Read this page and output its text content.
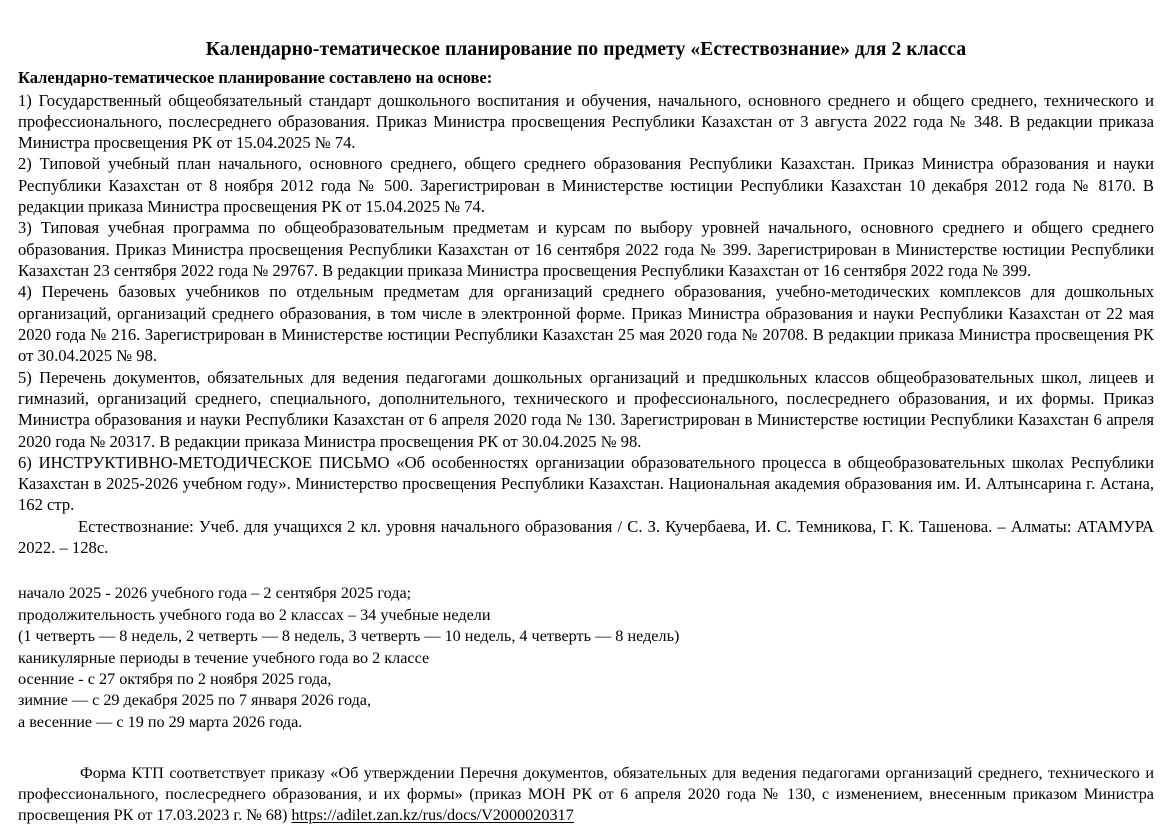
Календарно-тематическое планирование по предмету «Естествознание» для 2 класса
Календарно-тематическое планирование составлено на основе:

1) Государственный общеобязательный стандарт дошкольного воспитания и обучения, начального, основного среднего и общего среднего, технического и профессионального, послесреднего образования. Приказ Министра просвещения Республики Казахстан от 3 августа 2022 года № 348. В редакции приказа Министра просвещения РК от 15.04.2025 № 74.

2) Типовой учебный план начального, основного среднего, общего среднего образования Республики Казахстан. Приказ Министра образования и науки Республики Казахстан от 8 ноября 2012 года № 500. Зарегистрирован в Министерстве юстиции Республики Казахстан 10 декабря 2012 года № 8170. В редакции приказа Министра просвещения РК от 15.04.2025 № 74.

3) Типовая учебная программа по общеобразовательным предметам и курсам по выбору уровней начального, основного среднего и общего среднего образования. Приказ Министра просвещения Республики Казахстан от 16 сентября 2022 года № 399. Зарегистрирован в Министерстве юстиции Республики Казахстан 23 сентября 2022 года № 29767. В редакции приказа Министра просвещения Республики Казахстан от 16 сентября 2022 года № 399.

4) Перечень базовых учебников по отдельным предметам для организаций среднего образования, учебно-методических комплексов для дошкольных организаций, организаций среднего образования, в том числе в электронной форме. Приказ Министра образования и науки Республики Казахстан от 22 мая 2020 года № 216. Зарегистрирован в Министерстве юстиции Республики Казахстан 25 мая 2020 года № 20708. В редакции приказа Министра просвещения РК от 30.04.2025 № 98.

5) Перечень документов, обязательных для ведения педагогами дошкольных организаций и предшкольных классов общеобразовательных школ, лицеев и гимназий, организаций среднего, специального, дополнительного, технического и профессионального, послесреднего образования, и их формы. Приказ Министра образования и науки Республики Казахстан от 6 апреля 2020 года № 130. Зарегистрирован в Министерстве юстиции Республики Казахстан 6 апреля 2020 года № 20317. В редакции приказа Министра просвещения РК от 30.04.2025 № 98.

6) ИНСТРУКТИВНО-МЕТОДИЧЕСКОЕ ПИСЬМО «Об особенностях организации образовательного процесса в общеобразовательных школах Республики Казахстан в 2025-2026 учебном году». Министерство просвещения Республики Казахстан. Национальная академия образования им. И. Алтынсарина г. Астана, 162 стр.

Естествознание: Учеб. для учащихся 2 кл. уровня начального образования / С. З. Кучербаева, И. С. Темникова, Г. К. Ташенова. – Алматы: АТАМУРА 2022. – 128с.

начало 2025 - 2026 учебного года – 2 сентября 2025 года;
продолжительность учебного года во 2 классах – 34 учебные недели
(1 четверть — 8 недель, 2 четверть — 8 недель, 3 четверть — 10 недель, 4 четверть — 8 недель)
каникулярные периоды в течение учебного года во 2 классе
осенние - с 27 октября по 2 ноября 2025 года,
зимние — с 29 декабря 2025 по 7 января 2026 года,
а весенние — с 19 по 29 марта 2026 года.

Форма КТП соответствует приказу «Об утверждении Перечня документов, обязательных для ведения педагогами организаций среднего, технического и профессионального, послесреднего образования, и их формы» (приказ МОН РК от 6 апреля 2020 года № 130, с изменением, внесенным приказом Министра просвещения РК от 17.03.2023 г. № 68) https://adilet.zan.kz/rus/docs/V2000020317
